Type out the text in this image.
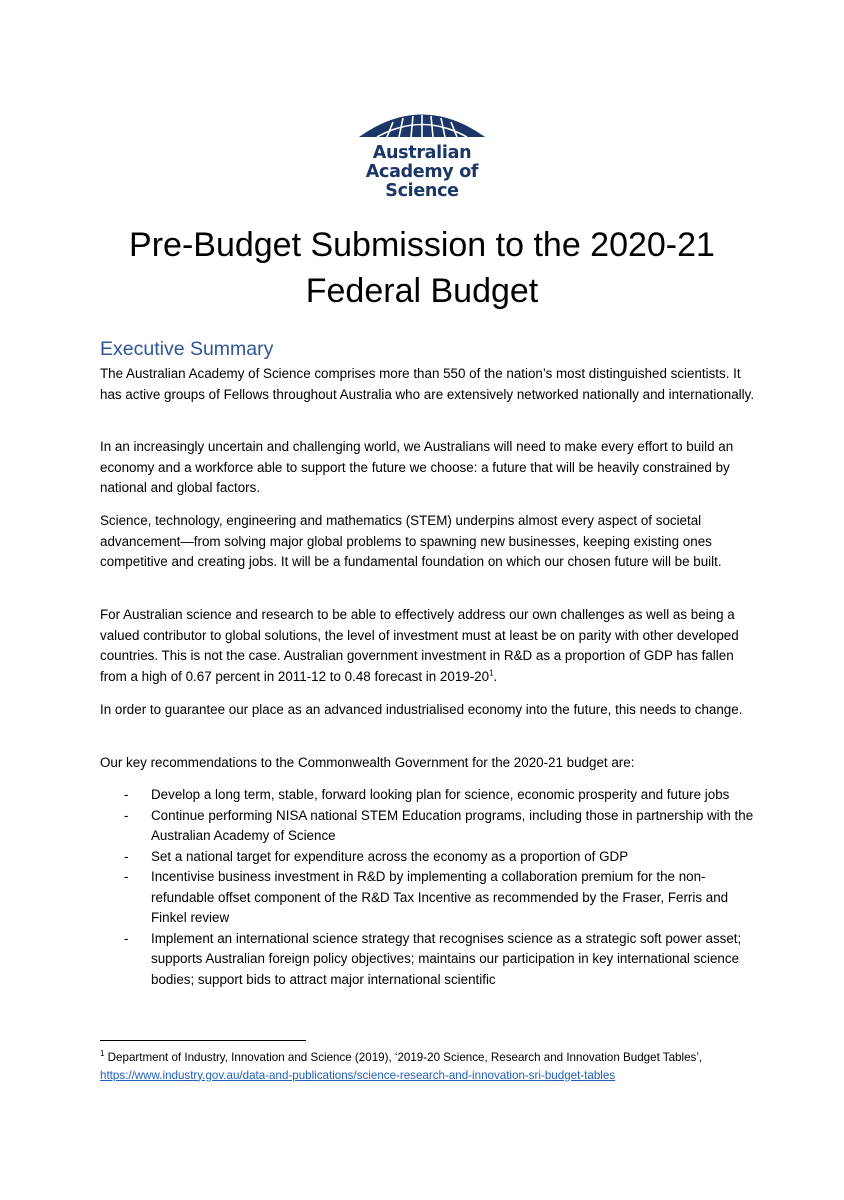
Australian
Academy of
Science
Pre-Budget Submission to the 2020-21
Federal Budget
Executive Summary

The Australian Academy of Science comprises more than 550 of the nation’s most distinguished scientists. It has active groups of Fellows throughout Australia who are extensively networked nationally and internationally.

In an increasingly uncertain and challenging world, we Australians will need to make every effort to build an economy and a workforce able to support the future we choose: a future that will be heavily constrained by national and global factors.

Science, technology, engineering and mathematics (STEM) underpins almost every aspect of societal advancement—from solving major global problems to spawning new businesses, keeping existing ones competitive and creating jobs. It will be a fundamental foundation on which our chosen future will be built.

For Australian science and research to be able to effectively address our own challenges as well as being a valued contributor to global solutions, the level of investment must at least be on parity with other developed countries. This is not the case. Australian government investment in R&D as a proportion of GDP has fallen from a high of 0.67 percent in 2011-12 to 0.48 forecast in $2019-20^1$.

In order to guarantee our place as an advanced industrialised economy into the future, this needs to change.

Our key recommendations to the Commonwealth Government for the 2020-21 budget are:

- Develop a long term, stable, forward looking plan for science, economic prosperity and future jobs
- Continue performing NISA national STEM Education programs, including those in partnership with the Australian Academy of Science
- Set a national target for expenditure across the economy as a proportion of GDP
- Incentivise business investment in R&D by implementing a collaboration premium for the non-refundable offset component of the R&D Tax Incentive as recommended by the Fraser, Ferris and Finkel review
- Implement an international science strategy that recognises science as a strategic soft power asset; supports Australian foreign policy objectives; maintains our participation in key international science bodies; support bids to attract major international scientific

$^1$ Department of Industry, Innovation and Science (2019), ‘2019-20 Science, Research and Innovation Budget Tables’, https://www.industry.gov.au/data-and-publications/science-research-and-innovation-sri-budget-tables
